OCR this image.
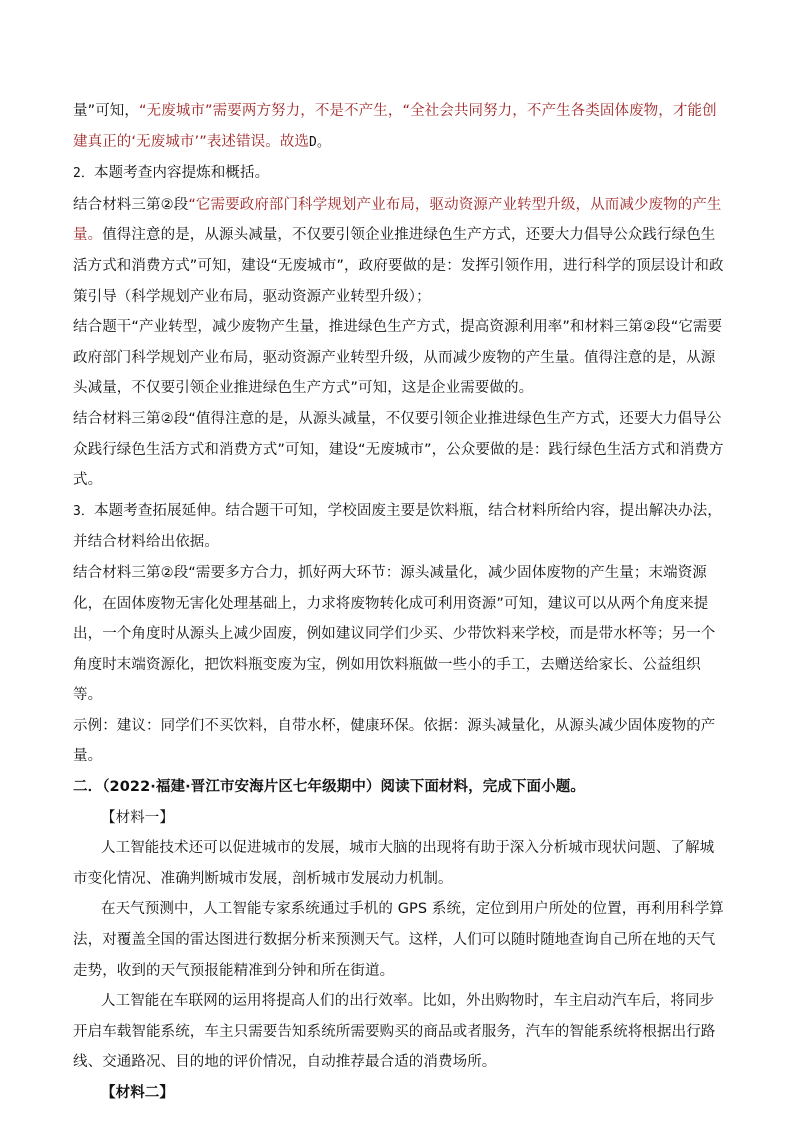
量”可知，“无废城市”需要两方努力，不是不产生，“全社会共同努力，不产生各类固体废物，才能创建真正的‘无废城市’”表述错误。故选D。

2．本题考查内容提炼和概括。

结合材料三第②段“它需要政府部门科学规划产业布局，驱动资源产业转型升级，从而减少废物的产生量。值得注意的是，从源头减量，不仅要引领企业推进绿色生产方式，还要大力倡导公众践行绿色生活方式和消费方式”可知，建设“无废城市”，政府要做的是：发挥引领作用，进行科学的顶层设计和政策引导（科学规划产业布局，驱动资源产业转型升级）；

结合题干“产业转型，减少废物产生量，推进绿色生产方式，提高资源利用率”和材料三第②段“它需要政府部门科学规划产业布局，驱动资源产业转型升级，从而减少废物的产生量。值得注意的是，从源头减量，不仅要引领企业推进绿色生产方式”可知，这是企业需要做的。

结合材料三第②段“值得注意的是，从源头减量，不仅要引领企业推进绿色生产方式，还要大力倡导公众践行绿色生活方式和消费方式”可知，建设“无废城市”，公众要做的是：践行绿色生活方式和消费方式。

3．本题考查拓展延伸。结合题干可知，学校固废主要是饮料瓶，结合材料所给内容，提出解决办法，并结合材料给出依据。

结合材料三第②段“需要多方合力，抓好两大环节：源头减量化，减少固体废物的产生量；末端资源化，在固体废物无害化处理基础上，力求将废物转化成可利用资源”可知，建议可以从两个角度来提出，一个角度时从源头上减少固废，例如建议同学们少买、少带饮料来学校，而是带水杯等；另一个角度时末端资源化，把饮料瓶变废为宝，例如用饮料瓶做一些小的手工，去赠送给家长、公益组织等。

示例：建议：同学们不买饮料，自带水杯，健康环保。依据：源头减量化，从源头减少固体废物的产量。

二．（2022·福建·晋江市安海片区七年级期中）阅读下面材料，完成下面小题。

【材料一】

人工智能技术还可以促进城市的发展，城市大脑的出现将有助于深入分析城市现状问题、了解城市变化情况、准确判断城市发展，剖析城市发展动力机制。

在天气预测中，人工智能专家系统通过手机的 GPS 系统，定位到用户所处的位置，再利用科学算法，对覆盖全国的雷达图进行数据分析来预测天气。这样，人们可以随时随地查询自己所在地的天气走势，收到的天气预报能精准到分钟和所在街道。

人工智能在车联网的运用将提高人们的出行效率。比如，外出购物时，车主启动汽车后，将同步开启车载智能系统，车主只需要告知系统所需要购买的商品或者服务，汽车的智能系统将根据出行路线、交通路况、目的地的评价情况，自动推荐最合适的消费场所。

【材料二】
